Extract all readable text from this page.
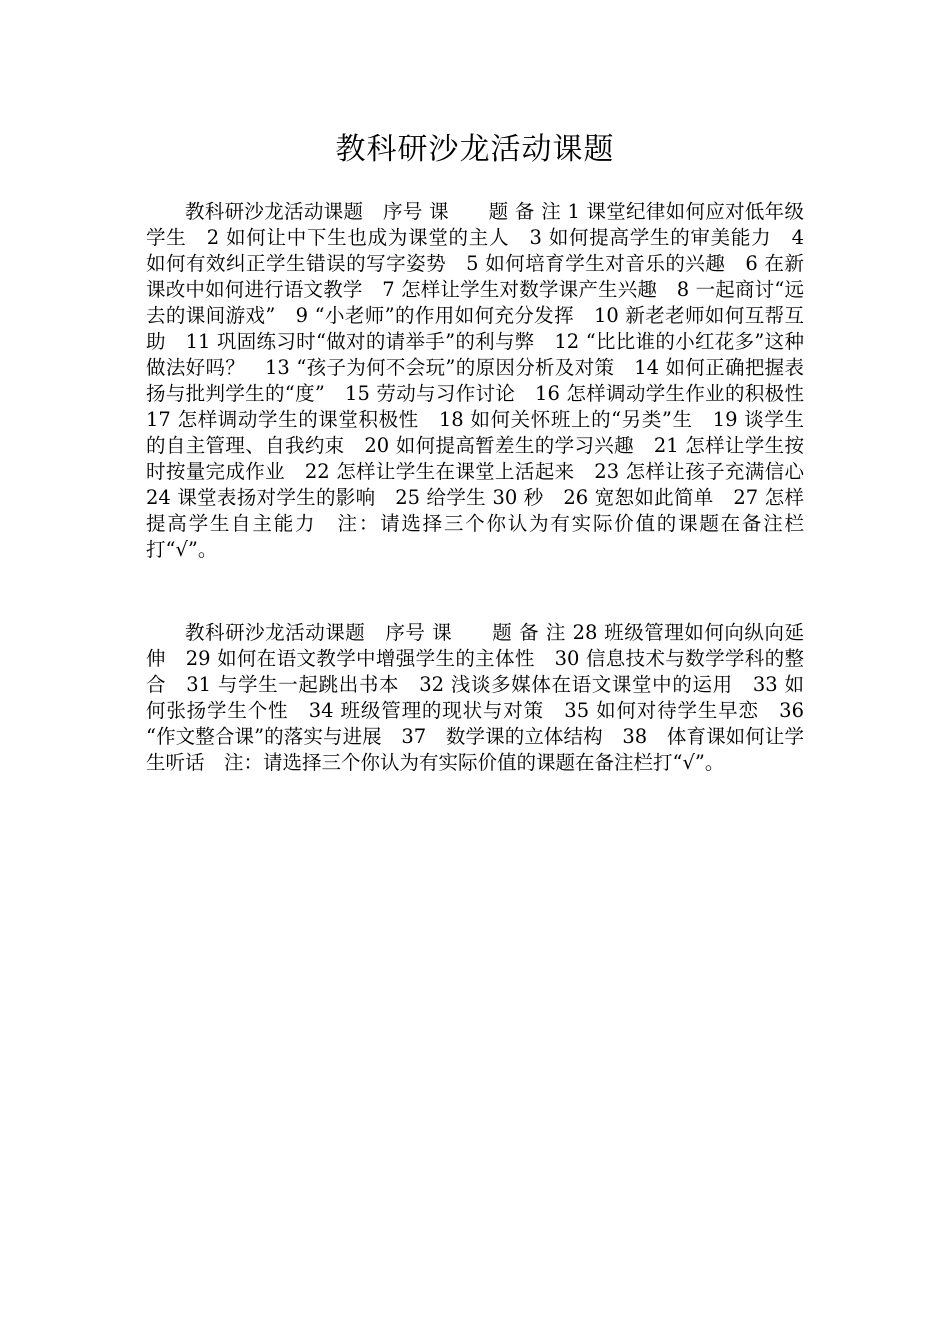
教科研沙龙活动课题
教科研沙龙活动课题　序号 课　　题 备 注 1 课堂纪律如何应对低年级学生　2 如何让中下生也成为课堂的主人　3 如何提高学生的审美能力　4 如何有效纠正学生错误的写字姿势　5 如何培育学生对音乐的兴趣　6 在新课改中如何进行语文教学　7 怎样让学生对数学课产生兴趣　8 一起商讨“远去的课间游戏”　9 “小老师”的作用如何充分发挥　10 新老老师如何互帮互助　11 巩固练习时“做对的请举手”的利与弊　12 “比比谁的小红花多”这种做法好吗？　13 “孩子为何不会玩”的原因分析及对策　14 如何正确把握表扬与批判学生的“度”　15 劳动与习作讨论　16 怎样调动学生作业的积极性　17 怎样调动学生的课堂积极性　18 如何关怀班上的“另类”生　19 谈学生的自主管理、自我约束　20 如何提高暂差生的学习兴趣　21 怎样让学生按时按量完成作业　22 怎样让学生在课堂上活起来　23 怎样让孩子充满信心　24 课堂表扬对学生的影响　25 给学生 30 秒　26 宽恕如此简单　27 怎样提高学生自主能力　注：请选择三个你认为有实际价值的课题在备注栏打“√”。
教科研沙龙活动课题　序号 课　　题 备 注 28 班级管理如何向纵向延伸　29 如何在语文教学中增强学生的主体性　30 信息技术与数学学科的整合　31 与学生一起跳出书本　32 浅谈多媒体在语文课堂中的运用　33 如何张扬学生个性　34 班级管理的现状与对策　35 如何对待学生早恋　36 “作文整合课”的落实与进展　37　数学课的立体结构　38　体育课如何让学生听话　注：请选择三个你认为有实际价值的课题在备注栏打“√”。
